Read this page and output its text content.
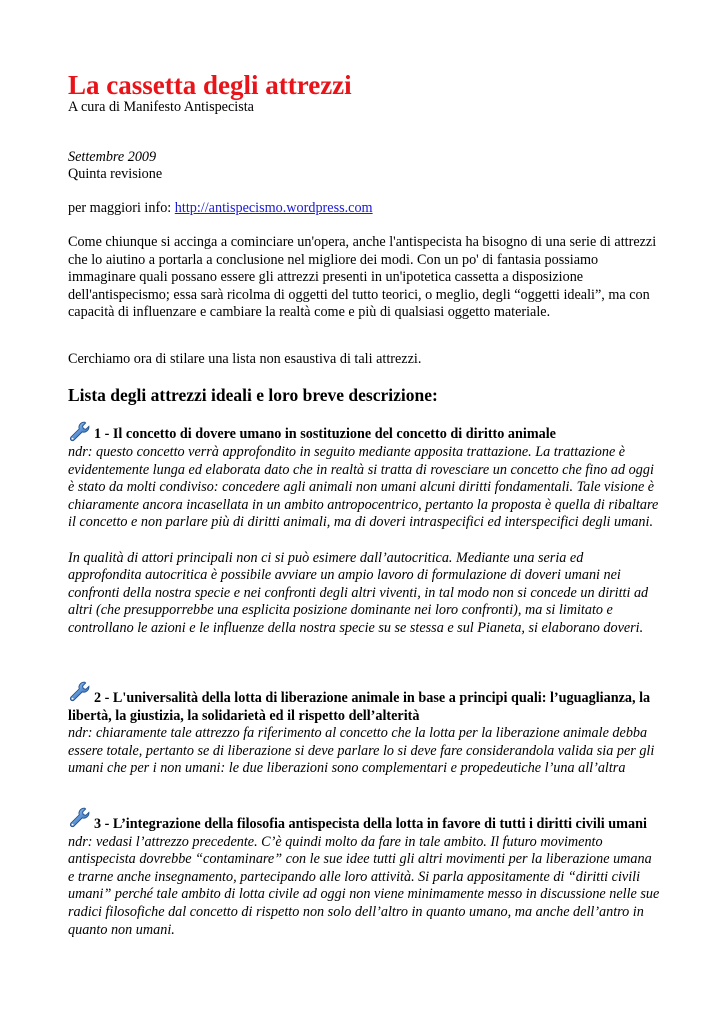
La cassetta degli attrezzi
A cura di Manifesto Antispecista
Settembre 2009
Quinta revisione
per maggiori info: http://antispecismo.wordpress.com

Come chiunque si accinga a cominciare un'opera, anche l'antispecista ha bisogno di una serie di attrezzi che lo aiutino a portarla a conclusione nel migliore dei modi. Con un po' di fantasia possiamo immaginare quali possano essere gli attrezzi presenti in un'ipotetica cassetta a disposizione dell'antispecismo; essa sarà ricolma di oggetti del tutto teorici, o meglio, degli “oggetti ideali”, ma con capacità di influenzare e cambiare la realtà come e più di qualsiasi oggetto materiale.

Cerchiamo ora di stilare una lista non esaustiva di tali attrezzi.
Lista degli attrezzi ideali e loro breve descrizione:
1 - Il concetto di dovere umano in sostituzione del concetto di diritto animale

ndr: questo concetto verrà approfondito in seguito mediante apposita trattazione. La trattazione è evidentemente lunga ed elaborata dato che in realtà si tratta di rovesciare un concetto che fino ad oggi è stato da molti condiviso: concedere agli animali non umani alcuni diritti fondamentali. Tale visione è chiaramente ancora incasellata in un ambito antropocentrico, pertanto la proposta è quella di ribaltare il concetto e non parlare più di diritti animali, ma di doveri intraspecifici ed interspecifici degli umani.

In qualità di attori principali non ci si può esimere dall’autocritica. Mediante una seria ed approfondita autocritica è possibile avviare un ampio lavoro di formulazione di doveri umani nei confronti della nostra specie e nei confronti degli altri viventi, in tal modo non si concede un diritti ad altri (che presupporrebbe una esplicita posizione dominante nei loro confronti), ma si limitato e controllano le azioni e le influenze della nostra specie su se stessa e sul Pianeta, si elaborano doveri.

2 - L'universalità della lotta di liberazione animale in base a principi quali: l’uguaglianza, la libertà, la giustizia, la solidarietà ed il rispetto dell’alterità

ndr: chiaramente tale attrezzo fa riferimento al concetto che la lotta per la liberazione animale debba essere totale, pertanto se di liberazione si deve parlare lo si deve fare considerandola valida sia per gli umani che per i non umani: le due liberazioni sono complementari e propedeutiche l’una all’altra

3 - L’integrazione della filosofia antispecista della lotta in favore di tutti i diritti civili umani

ndr: vedasi l’attrezzo precedente. C’è quindi molto da fare in tale ambito. Il futuro movimento antispecista dovrebbe “contaminare” con le sue idee tutti gli altri movimenti per la liberazione umana e trarne anche insegnamento, partecipando alle loro attività. Si parla appositamente di “diritti civili umani” perché tale ambito di lotta civile ad oggi non viene minimamente messo in discussione nelle sue radici filosofiche dal concetto di rispetto non solo dell’altro in quanto umano, ma anche dell’antro in quanto non umani.
